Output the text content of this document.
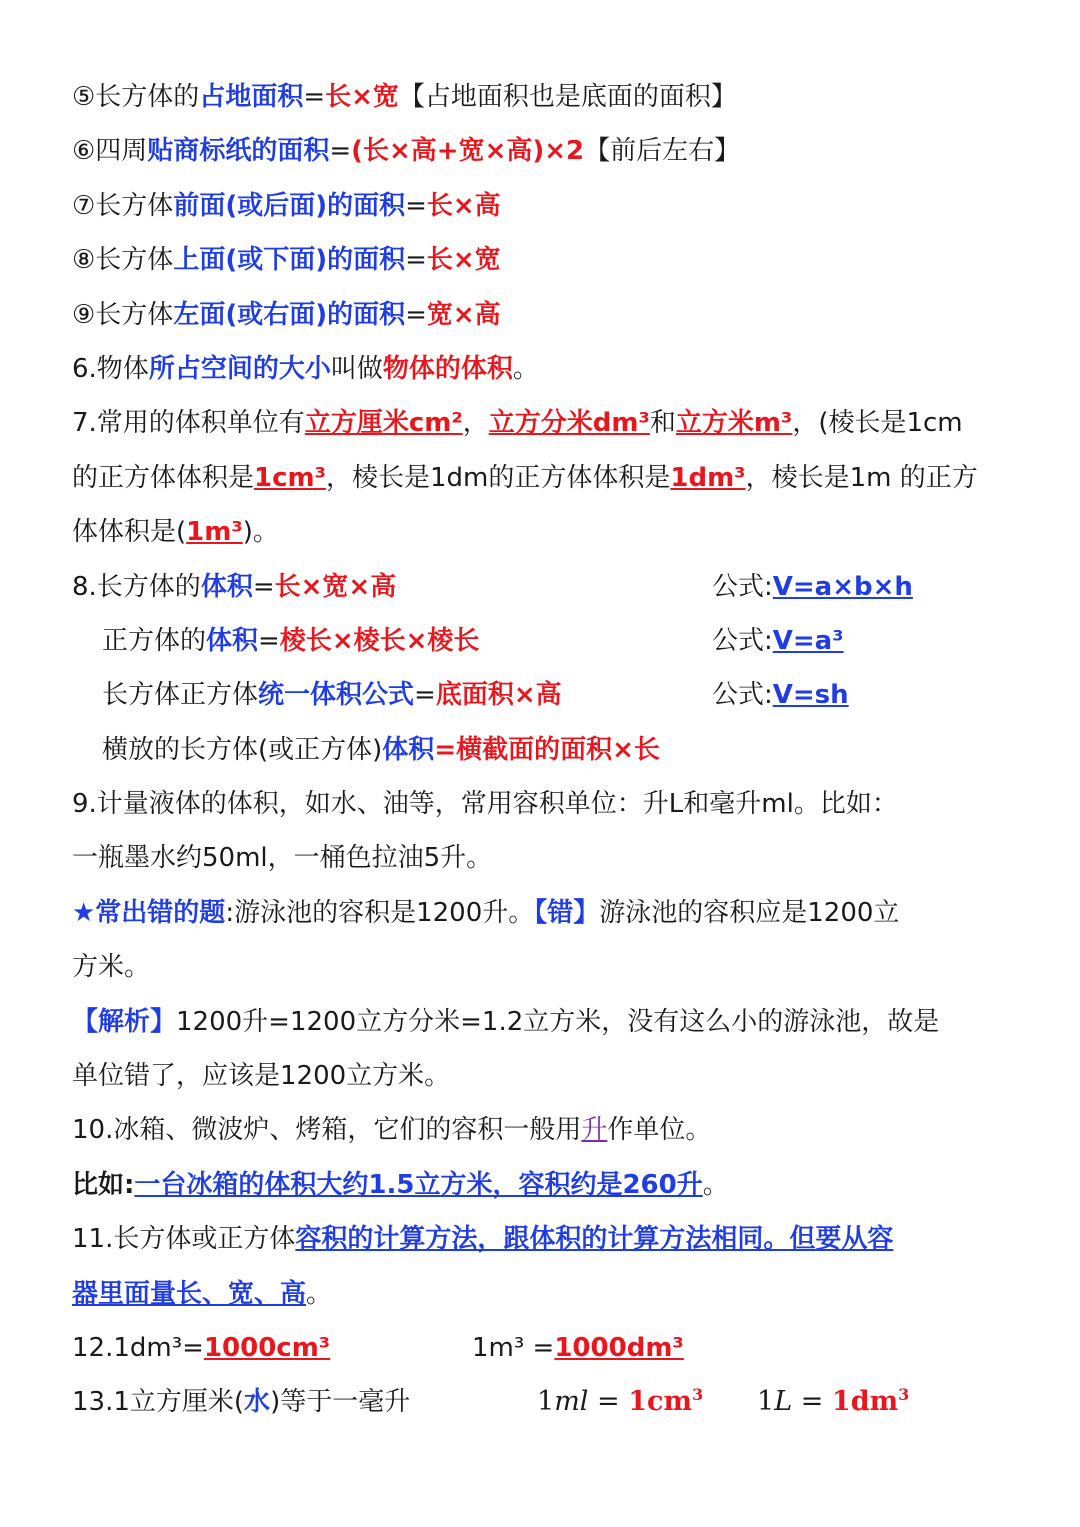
⑤长方体的占地面积=长×宽【占地面积也是底面的面积】
⑥四周贴商标纸的面积=(长×高+宽×高)×2【前后左右】
⑦长方体前面(或后面)的面积=长×高
⑧长方体上面(或下面)的面积=长×宽
⑨长方体左面(或右面)的面积=宽×高
6.物体所占空间的大小叫做物体的体积。
7.常用的体积单位有立方厘米cm²，立方分米dm³和立方米m³，(棱长是1cm
的正方体体积是1cm³，棱长是1dm的正方体体积是1dm³，棱长是1m 的正方
体体积是(1m³)。
8.长方体的体积=长×宽×高	公式:V=a×b×h
正方体的体积=棱长×棱长×棱长	公式:V=a³
长方体正方体统一体积公式=底面积×高	公式:V=sh
横放的长方体(或正方体)体积=横截面的面积×长
9.计量液体的体积，如水、油等，常用容积单位：升L和毫升ml。比如：
一瓶墨水约50ml，一桶色拉油5升。
★常出错的题:游泳池的容积是1200升。【错】游泳池的容积应是1200立
方米。
【解析】1200升=1200立方分米=1.2立方米，没有这么小的游泳池，故是
单位错了，应该是1200立方米。
10.冰箱、微波炉、烤箱，它们的容积一般用升作单位。
比如:一台冰箱的体积大约1.5立方米，容积约是260升。
11.长方体或正方体容积的计算方法，跟体积的计算方法相同。但要从容
器里面量长、宽、高。
12.1dm³=1000cm³	1m³ =1000dm³
13.1立方厘米(水)等于一毫升	$1ml = 1cm^3$ $1L = 1dm^3$
